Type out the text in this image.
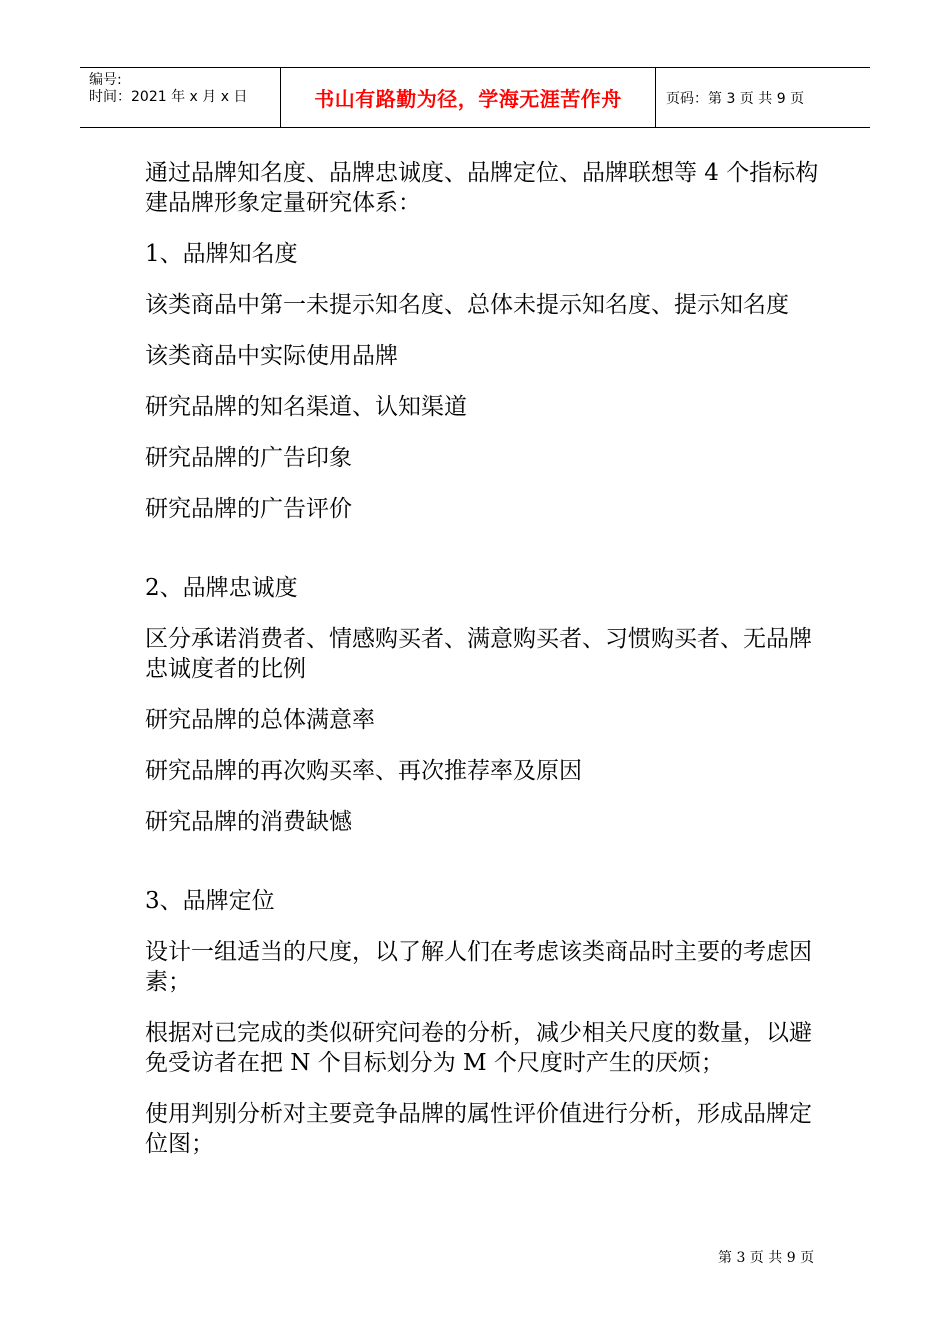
编号:
时间：2021 年 x 月 x 日	书山有路勤为径，学海无涯苦作舟	页码：第 3 页 共 9 页

通过品牌知名度、品牌忠诚度、品牌定位、品牌联想等 4 个指标构建品牌形象定量研究体系：

1、品牌知名度

该类商品中第一未提示知名度、总体未提示知名度、提示知名度

该类商品中实际使用品牌

研究品牌的知名渠道、认知渠道

研究品牌的广告印象

研究品牌的广告评价

2、品牌忠诚度

区分承诺消费者、情感购买者、满意购买者、习惯购买者、无品牌忠诚度者的比例

研究品牌的总体满意率

研究品牌的再次购买率、再次推荐率及原因

研究品牌的消费缺憾

3、品牌定位

设计一组适当的尺度，以了解人们在考虑该类商品时主要的考虑因素；

根据对已完成的类似研究问卷的分析，减少相关尺度的数量，以避免受访者在把 N 个目标划分为 M 个尺度时产生的厌烦；

使用判别分析对主要竞争品牌的属性评价值进行分析，形成品牌定位图；

第 3 页 共 9 页
